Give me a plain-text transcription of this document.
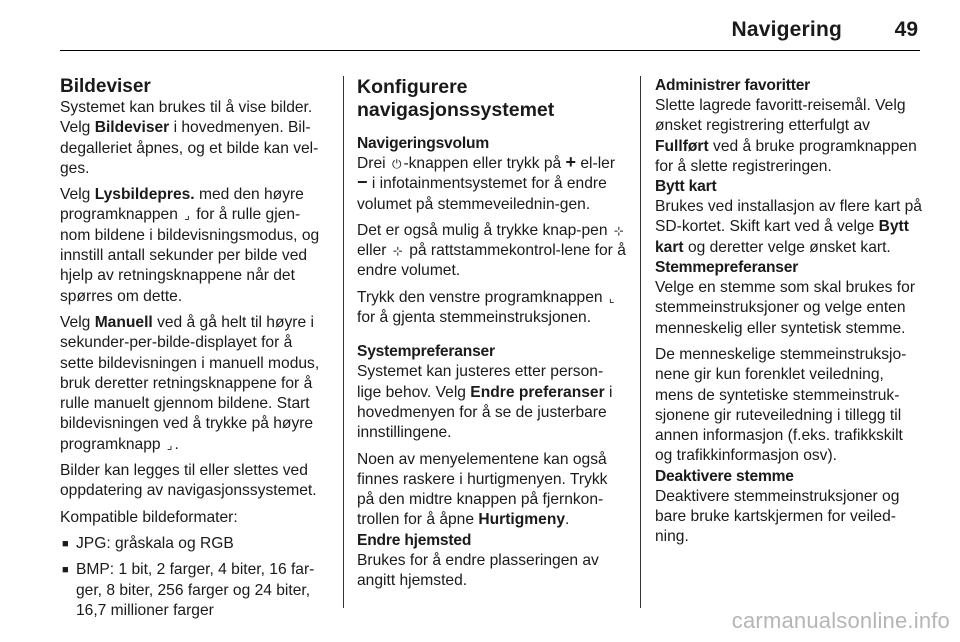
Navigering	49
Bildeviser

Systemet kan brukes til å vise bilder. Velg Bildeviser i hovedmenyen. Bil-degalleriet åpnes, og et bilde kan vel-ges.

Velg Lysbildepres. med den høyre programknappen ⌟ for å rulle gjen-nom bildene i bildevisningsmodus, og innstill antall sekunder per bilde ved hjelp av retningsknappene når det spørres om dette.

Velg Manuell ved å gå helt til høyre i sekunder-per-bilde-displayet for å sette bildevisningen i manuell modus, bruk deretter retningsknappene for å rulle manuelt gjennom bildene. Start bildevisningen ved å trykke på høyre programknapp ⌟ .

Bilder kan legges til eller slettes ved oppdatering av navigasjonssystemet.

Kompatible bildeformater:

■ JPG: gråskala og RGB
■ BMP: 1 bit, 2 farger, 4 biter, 16 far-ger, 8 biter, 256 farger og 24 biter, 16,7 millioner farger
Konfigurere
navigasjonssystemet
Navigeringsvolum

Drei ⏻ -knappen eller trykk på + el-ler − i infotainmentsystemet for å endre volumet på stemmeveilednin-gen.

Det er også mulig å trykke knap-pen ⊹ eller ⊹ på rattstammekontrol-lene for å endre volumet.

Trykk den venstre programknappen ⌞ for å gjenta stemmeinstruksjonen.

Systempreferanser

Systemet kan justeres etter person-lige behov. Velg Endre preferanser i hovedmenyen for å se de justerbare innstillingene.

Noen av menyelementene kan også finnes raskere i hurtigmenyen. Trykk på den midtre knappen på fjernkon-trollen for å åpne Hurtigmeny.

Endre hjemsted

Brukes for å endre plasseringen av angitt hjemsted.

Administrer favoritter

Slette lagrede favoritt-reisemål. Velg ønsket registrering etterfulgt av Fullført ved å bruke programknappen for å slette registreringen.

Bytt kart

Brukes ved installasjon av flere kart på SD-kortet. Skift kart ved å velge Bytt kart og deretter velge ønsket kart.

Stemmepreferanser

Velge en stemme som skal brukes for stemmeinstruksjoner og velge enten menneskelig eller syntetisk stemme.

De menneskelige stemmeinstruksjo-nene gir kun forenklet veiledning, mens de syntetiske stemmeinstruk-sjonene gir ruteveiledning i tillegg til annen informasjon (f.eks. trafikkskilt og trafikkinformasjon osv).

Deaktivere stemme

Deaktivere stemmeinstruksjoner og bare bruke kartskjermen for veiled-ning.

carmanualsonline.info
